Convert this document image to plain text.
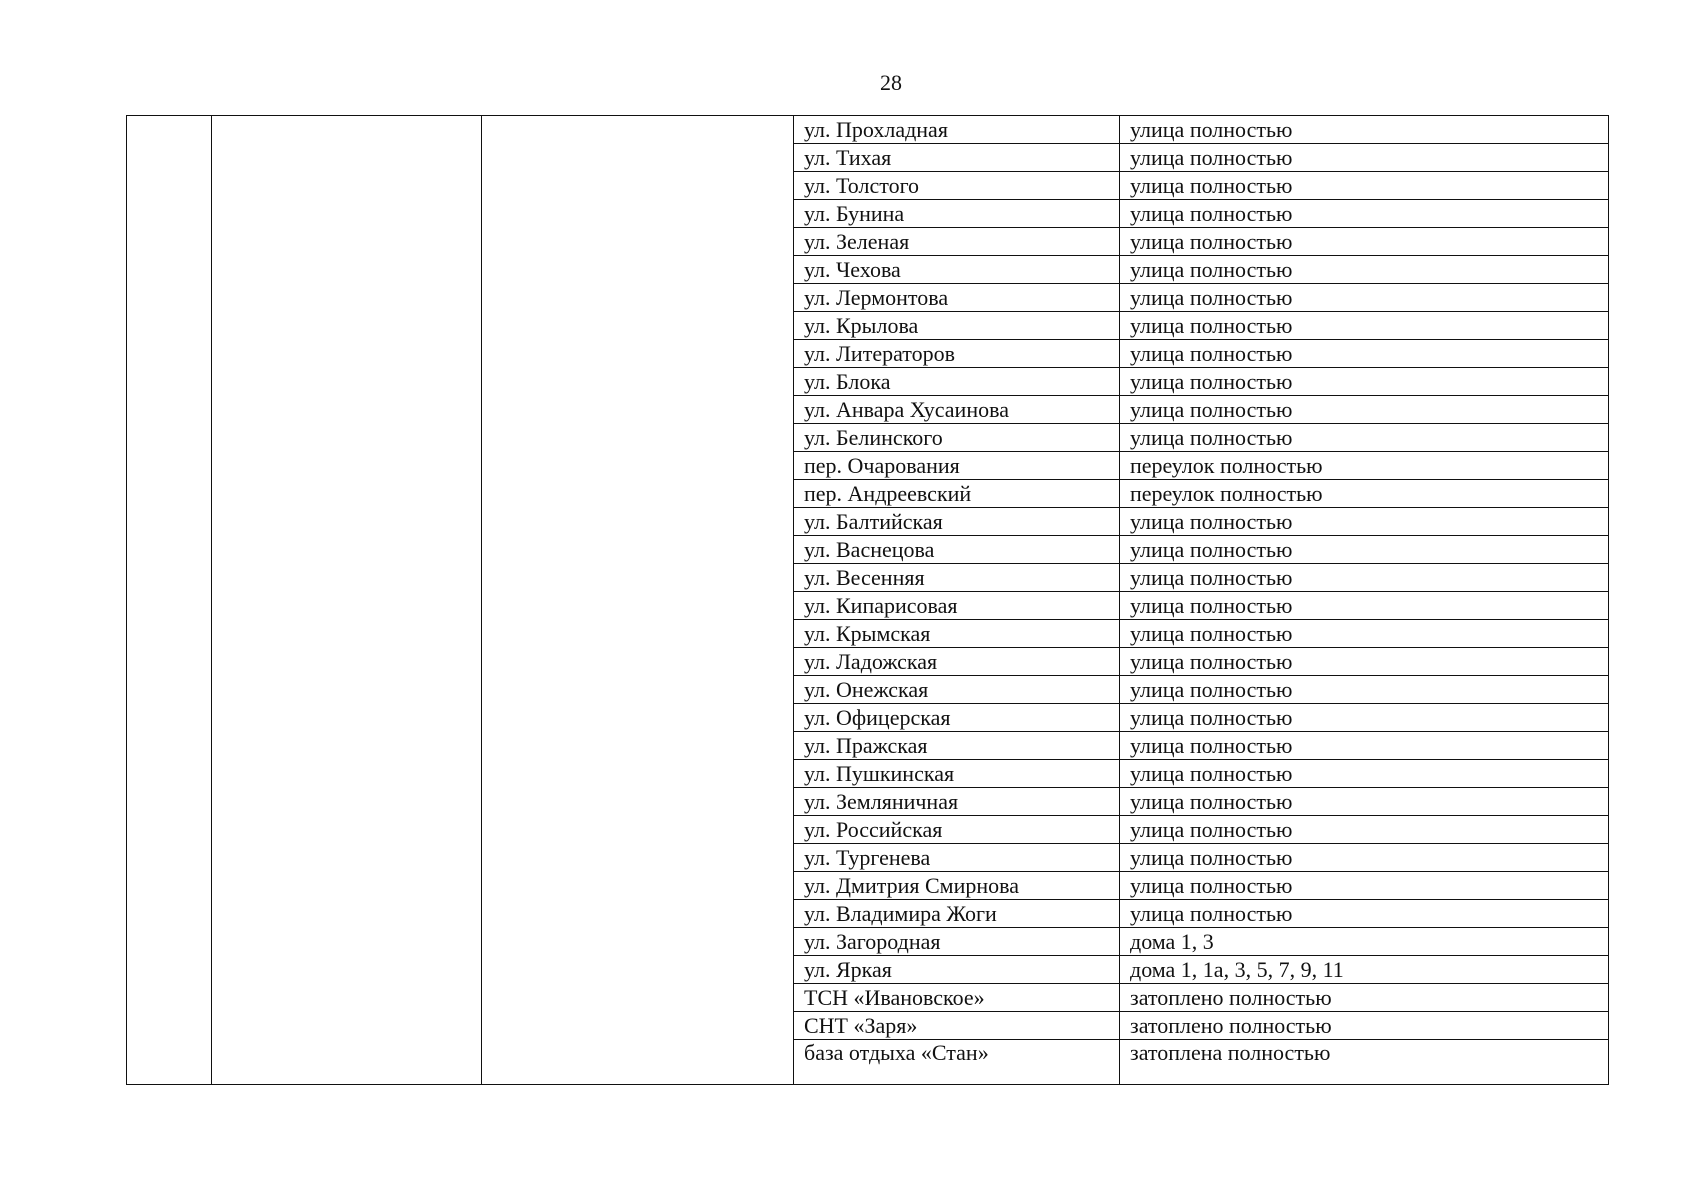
28
			ул. Прохладная	улица полностью
			ул. Тихая	улица полностью
			ул. Толстого	улица полностью
			ул. Бунина	улица полностью
			ул. Зеленая	улица полностью
			ул. Чехова	улица полностью
			ул. Лермонтова	улица полностью
			ул. Крылова	улица полностью
			ул. Литераторов	улица полностью
			ул. Блока	улица полностью
			ул. Анвара Хусаинова	улица полностью
			ул. Белинского	улица полностью
			пер. Очарования	переулок полностью
			пер. Андреевский	переулок полностью
			ул. Балтийская	улица полностью
			ул. Васнецова	улица полностью
			ул. Весенняя	улица полностью
			ул. Кипарисовая	улица полностью
			ул. Крымская	улица полностью
			ул. Ладожская	улица полностью
			ул. Онежская	улица полностью
			ул. Офицерская	улица полностью
			ул. Пражская	улица полностью
			ул. Пушкинская	улица полностью
			ул. Земляничная	улица полностью
			ул. Российская	улица полностью
			ул. Тургенева	улица полностью
			ул. Дмитрия Смирнова	улица полностью
			ул. Владимира Жоги	улица полностью
			ул. Загородная	дома 1, 3
			ул. Яркая	дома 1, 1а, 3, 5, 7, 9, 11
			ТСН «Ивановское»	затоплено полностью
			СНТ «Заря»	затоплено полностью
			база отдыха «Стан»	затоплена полностью
